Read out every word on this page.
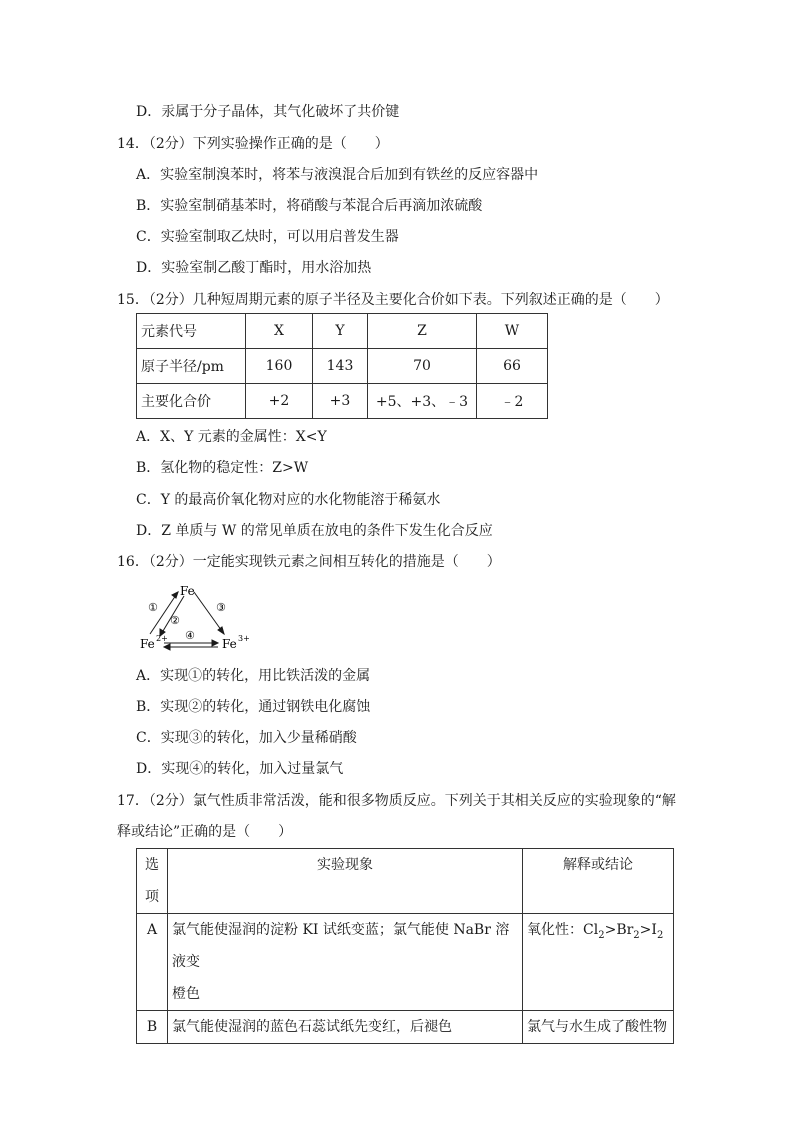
D．汞属于分子晶体，其气化破坏了共价键
14．（2分）下列实验操作正确的是（　　）
A．实验室制溴苯时，将苯与液溴混合后加到有铁丝的反应容器中
B．实验室制硝基苯时，将硝酸与苯混合后再滴加浓硫酸
C．实验室制取乙炔时，可以用启普发生器
D．实验室制乙酸丁酯时，用水浴加热
15．（2分）几种短周期元素的原子半径及主要化合价如下表。下列叙述正确的是（　　）
元素代号	X	Y	Z	W
原子半径/pm	160	143	70	66
主要化合价	+2	+3	+5、+3、﹣3	﹣2
A．X、Y 元素的金属性：X<Y
B．氢化物的稳定性：Z>W
C．Y 的最高价氧化物对应的水化物能溶于稀氨水
D．Z 单质与 W 的常见单质在放电的条件下发生化合反应
16．（2分）一定能实现铁元素之间相互转化的措施是（　　）
Fe
Fe 2+	Fe 3+
①
②
③
④
A．实现①的转化，用比铁活泼的金属
B．实现②的转化，通过钢铁电化腐蚀
C．实现③的转化，加入少量稀硝酸
D．实现④的转化，加入过量氯气
17．（2分）氯气性质非常活泼，能和很多物质反应。下列关于其相关反应的实验现象的“解
释或结论”正确的是（　　）
选
项	实验现象	解释或结论
A	氯气能使湿润的淀粉 KI 试纸变蓝；氯气能使 NaBr 溶液变
橙色	氧化性：$Cl_2>Br_2>I_2$
B	氯气能使湿润的蓝色石蕊试纸先变红，后褪色	氯气与水生成了酸性物
